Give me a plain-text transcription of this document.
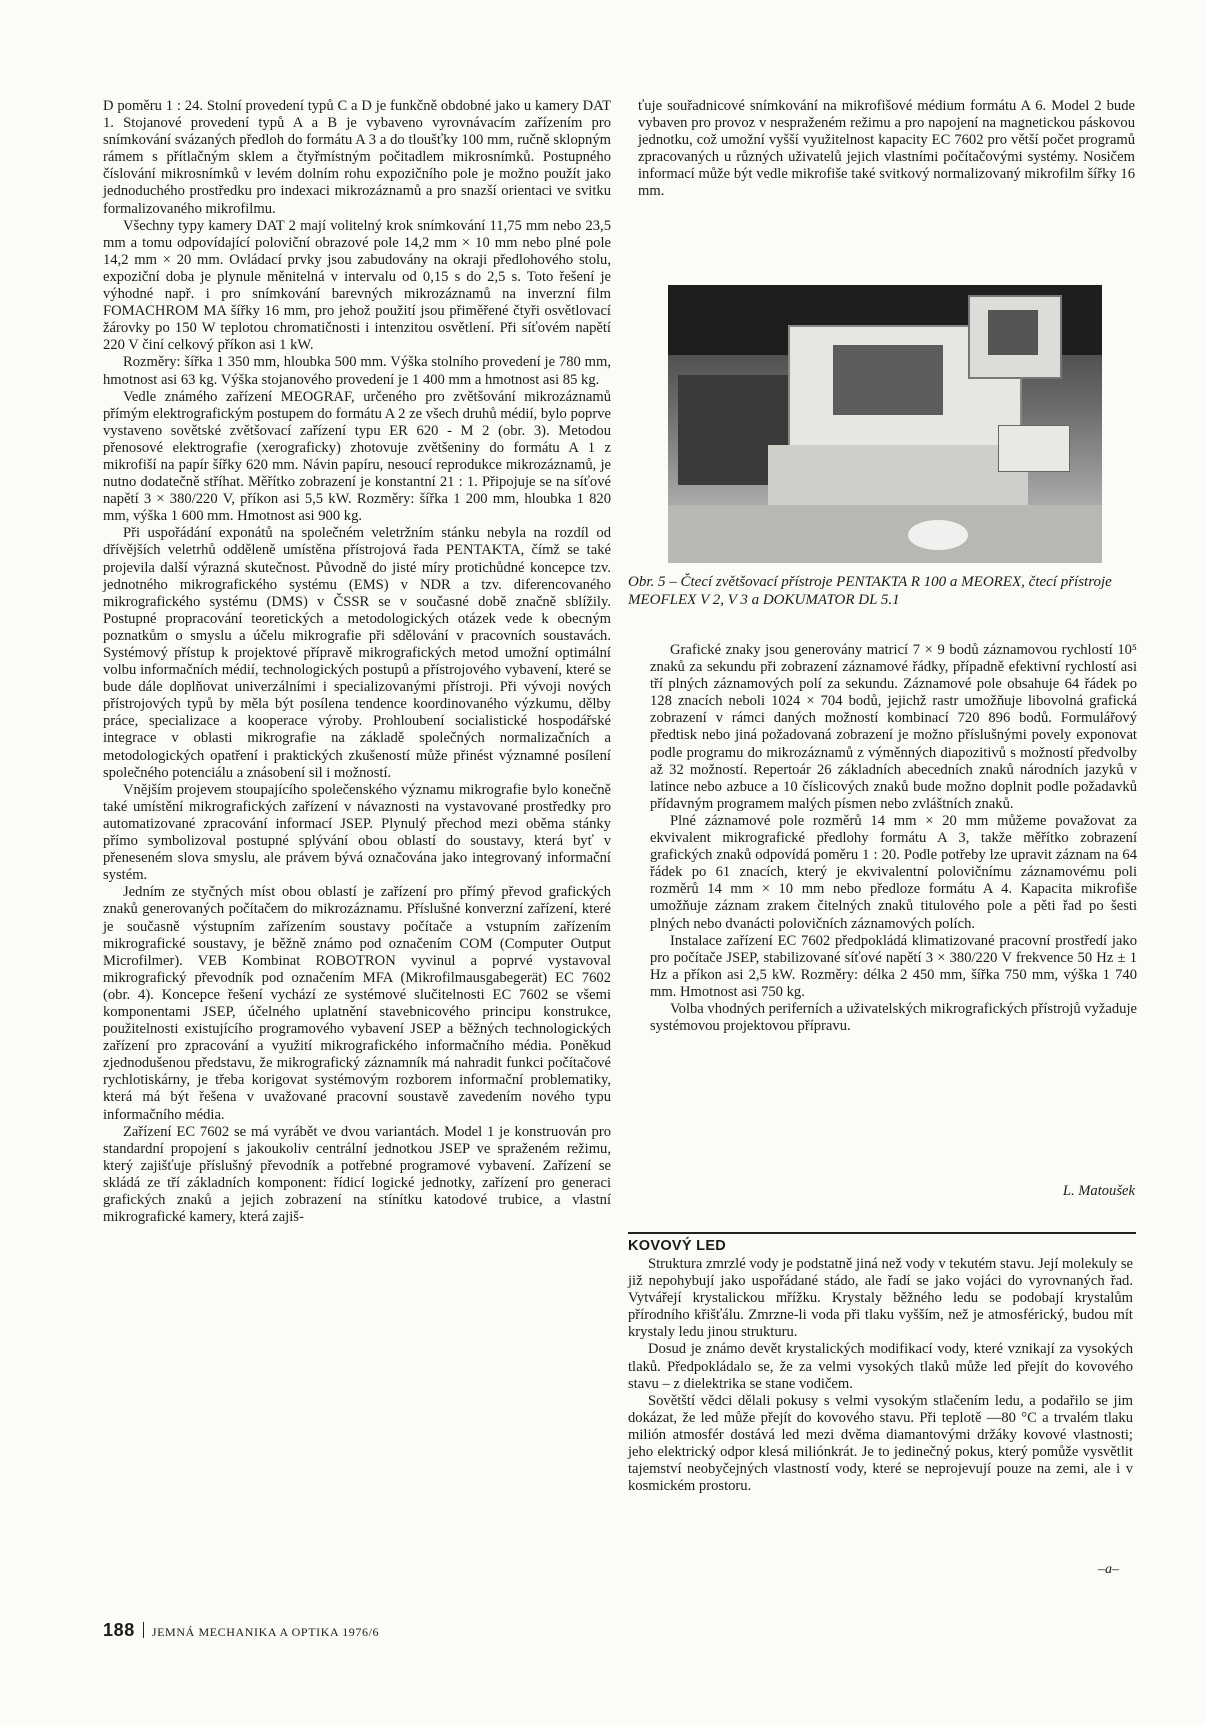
D poměru 1 : 24. Stolní provedení typů C a D je funkčně obdobné jako u kamery DAT 1. Stojanové provedení typů A a B je vybaveno vyrovnávacím zařízením pro snímkování svázaných předloh do formátu A 3 a do tloušťky 100 mm, ručně sklopným rámem s přítlačným sklem a čtyřmístným počitadlem mikrosnímků. Postupného číslování mikrosnímků v levém dolním rohu expozičního pole je možno použít jako jednoduchého prostředku pro indexaci mikrozáznamů a pro snazší orientaci ve svitku formalizovaného mikrofilmu.

Všechny typy kamery DAT 2 mají volitelný krok snímkování 11,75 mm nebo 23,5 mm a tomu odpovídající poloviční obrazové pole 14,2 mm × 10 mm nebo plné pole 14,2 mm × 20 mm. Ovládací prvky jsou zabudovány na okraji předlohového stolu, expoziční doba je plynule měnitelná v intervalu od 0,15 s do 2,5 s. Toto řešení je výhodné např. i pro snímkování barevných mikrozáznamů na inverzní film FOMACHROM MA šířky 16 mm, pro jehož použití jsou přiměřené čtyři osvětlovací žárovky po 150 W teplotou chromatičnosti i intenzitou osvětlení. Při síťovém napětí 220 V činí celkový příkon asi 1 kW.

Rozměry: šířka 1 350 mm, hloubka 500 mm. Výška stolního provedení je 780 mm, hmotnost asi 63 kg. Výška stojanového provedení je 1 400 mm a hmotnost asi 85 kg.

Vedle známého zařízení MEOGRAF, určeného pro zvětšování mikrozáznamů přímým elektrografickým postupem do formátu A 2 ze všech druhů médií, bylo poprve vystaveno sovětské zvětšovací zařízení typu ER 620 - M 2 (obr. 3). Metodou přenosové elektrografie (xerograficky) zhotovuje zvětšeniny do formátu A 1 z mikrofiší na papír šířky 620 mm. Návin papíru, nesoucí reprodukce mikrozáznamů, je nutno dodatečně stříhat. Měřítko zobrazení je konstantní 21 : 1. Připojuje se na síťové napětí 3 × 380/220 V, příkon asi 5,5 kW. Rozměry: šířka 1 200 mm, hloubka 1 820 mm, výška 1 600 mm. Hmotnost asi 900 kg.

Při uspořádání exponátů na společném veletržním stánku nebyla na rozdíl od dřívějších veletrhů odděleně umístěna přístrojová řada PENTAKTA, čímž se také projevila další výrazná skutečnost. Původně do jisté míry protichůdné koncepce tzv. jednotného mikrografického systému (EMS) v NDR a tzv. diferencovaného mikrografického systému (DMS) v ČSSR se v současné době značně sblížily. Postupné propracování teoretických a metodologických otázek vede k obecným poznatkům o smyslu a účelu mikrografie při sdělování v pracovních soustavách. Systémový přístup k projektové přípravě mikrografických metod umožní optimální volbu informačních médií, technologických postupů a přístrojového vybavení, které se bude dále doplňovat univerzálními i specializovanými přístroji. Při vývoji nových přístrojových typů by měla být posílena tendence koordinovaného výzkumu, dělby práce, specializace a kooperace výroby. Prohloubení socialistické hospodářské integrace v oblasti mikrografie na základě společných normalizačních a metodologických opatření i praktických zkušeností může přinést významné posílení společného potenciálu a znásobení sil i možností.

Vnějším projevem stoupajícího společenského významu mikrografie bylo konečně také umístění mikrografických zařízení v návaznosti na vystavované prostředky pro automatizované zpracování informací JSEP. Plynulý přechod mezi oběma stánky přímo symbolizoval postupné splývání obou oblastí do soustavy, která byť v přeneseném slova smyslu, ale právem bývá označována jako integrovaný informační systém.

Jedním ze styčných míst obou oblastí je zařízení pro přímý převod grafických znaků generovaných počítačem do mikrozáznamu. Příslušné konverzní zařízení, které je současně výstupním zařízením soustavy počítače a vstupním zařízením mikrografické soustavy, je běžně známo pod označením COM (Computer Output Microfilmer). VEB Kombinat ROBOTRON vyvinul a poprvé vystavoval mikrografický převodník pod označením MFA (Mikrofilmausgabegerät) EC 7602 (obr. 4). Koncepce řešení vychází ze systémové slučitelnosti EC 7602 se všemi komponentami JSEP, účelného uplatnění stavebnicového principu konstrukce, použitelnosti existujícího programového vybavení JSEP a běžných technologických zařízení pro zpracování a využití mikrografického informačního média. Poněkud zjednodušenou představu, že mikrografický záznamník má nahradit funkci počítačové rychlotiskárny, je třeba korigovat systémovým rozborem informační problematiky, která má být řešena v uvažované pracovní soustavě zavedením nového typu informačního média.

Zařízení EC 7602 se má vyrábět ve dvou variantách. Model 1 je konstruován pro standardní propojení s jakoukoliv centrální jednotkou JSEP ve spraženém režimu, který zajišťuje příslušný převodník a potřebné programové vybavení. Zařízení se skládá ze tří základních komponent: řídicí logické jednotky, zařízení pro generaci grafických znaků a jejich zobrazení na stínítku katodové trubice, a vlastní mikrografické kamery, která zajiš-

ťuje souřadnicové snímkování na mikrofišové médium formátu A 6. Model 2 bude vybaven pro provoz v nespraženém režimu a pro napojení na magnetickou páskovou jednotku, což umožní vyšší využitelnost kapacity EC 7602 pro větší počet programů zpracovaných u různých uživatelů jejich vlastními počítačovými systémy. Nosičem informací může být vedle mikrofiše také svitkový normalizovaný mikrofilm šířky 16 mm.

Obr. 5 – Čtecí zvětšovací přístroje PENTAKTA R 100 a MEOREX, čtecí přístroje MEOFLEX V 2, V 3 a DOKUMATOR DL 5.1

Grafické znaky jsou generovány matricí 7 × 9 bodů záznamovou rychlostí 10⁵ znaků za sekundu při zobrazení záznamové řádky, případně efektivní rychlostí asi tří plných záznamových polí za sekundu. Záznamové pole obsahuje 64 řádek po 128 znacích neboli 1024 × 704 bodů, jejichž rastr umožňuje libovolná grafická zobrazení v rámci daných možností kombinací 720 896 bodů. Formulářový předtisk nebo jiná požadovaná zobrazení je možno příslušnými povely exponovat podle programu do mikrozáznamů z výměnných diapozitivů s možností předvolby až 32 možností. Repertoár 26 základních abecedních znaků národních jazyků v latince nebo azbuce a 10 číslicových znaků bude možno doplnit podle požadavků přídavným programem malých písmen nebo zvláštních znaků.

Plné záznamové pole rozměrů 14 mm × 20 mm můžeme považovat za ekvivalent mikrografické předlohy formátu A 3, takže měřítko zobrazení grafických znaků odpovídá poměru 1 : 20. Podle potřeby lze upravit záznam na 64 řádek po 61 znacích, který je ekvivalentní polovičnímu záznamovému poli rozměrů 14 mm × 10 mm nebo předloze formátu A 4. Kapacita mikrofiše umožňuje záznam zrakem čitelných znaků titulového pole a pěti řad po šesti plných nebo dvanácti polovičních záznamových polích.

Instalace zařízení EC 7602 předpokládá klimatizované pracovní prostředí jako pro počítače JSEP, stabilizované síťové napětí 3 × 380/220 V frekvence 50 Hz ± 1 Hz a příkon asi 2,5 kW. Rozměry: délka 2 450 mm, šířka 750 mm, výška 1 740 mm. Hmotnost asi 750 kg.

Volba vhodných periferních a uživatelských mikrografických přístrojů vyžaduje systémovou projektovou přípravu.

L. Matoušek
KOVOVÝ LED

Struktura zmrzlé vody je podstatně jiná než vody v tekutém stavu. Její molekuly se již nepohybují jako uspořádané stádo, ale řadí se jako vojáci do vyrovnaných řad. Vytvářejí krystalickou mřížku. Krystaly běžného ledu se podobají krystalům přírodního křišťálu. Zmrzne-li voda při tlaku vyšším, než je atmosférický, budou mít krystaly ledu jinou strukturu.

Dosud je známo devět krystalických modifikací vody, které vznikají za vysokých tlaků. Předpokládalo se, že za velmi vysokých tlaků může led přejít do kovového stavu – z dielektrika se stane vodičem.

Sovětští vědci dělali pokusy s velmi vysokým stlačením ledu, a podařilo se jim dokázat, že led může přejít do kovového stavu. Při teplotě —80 °C a trvalém tlaku milión atmosfér dostává led mezi dvěma diamantovými držáky kovové vlastnosti; jeho elektrický odpor klesá miliónkrát. Je to jedinečný pokus, který pomůže vysvětlit tajemství neobyčejných vlastností vody, které se neprojevují pouze na zemi, ale i v kosmickém prostoru.

–a–
188 JEMNÁ MECHANIKA A OPTIKA 1976/6
